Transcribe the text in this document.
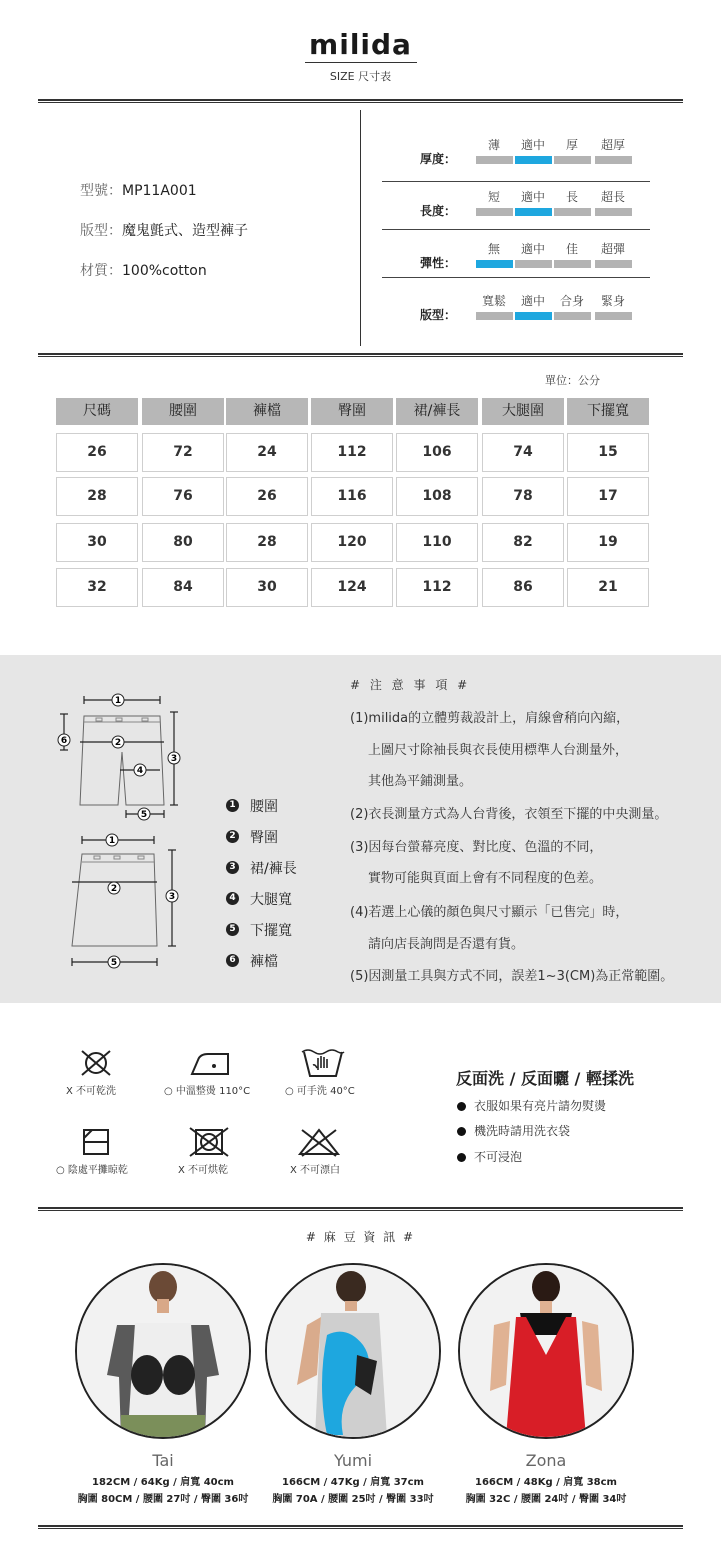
milida
SIZE 尺寸表
型號：MP11A001
版型：魔鬼氈式、造型褲子
材質：100%cotton
厚度：
薄	適中	厚	超厚
長度：
短	適中	長	超長
彈性：
無	適中	佳	超彈
版型：
寬鬆	適中	合身	緊身
單位：公分
尺碼	腰圍	褲檔	臀圍	裙/褲長	大腿圍	下擺寬
26	72	24	112	106	74	15
28	76	26	116	108	78	17
30	80	28	120	110	82	19
32	84	30	124	112	86	21
1
2
3
4
5
6
1
2
3
5
1 腰圍
2 臀圍
3 裙/褲長
4 大腿寬
5 下擺寬
6 褲檔
# 注 意 事 項 #
(1)milida的立體剪裁設計上，肩線會稍向內縮，
上圖尺寸除袖長與衣長使用標準人台測量外，
其他為平鋪測量。
(2)衣長測量方式為人台背後，衣領至下擺的中央測量。
(3)因每台螢幕亮度、對比度、色溫的不同，
實物可能與頁面上會有不同程度的色差。
(4)若選上心儀的顏色與尺寸顯示「已售完」時，
請向店長詢問是否還有貨。
(5)因測量工具與方式不同，誤差1~3(CM)為正常範圍。
X 不可乾洗	○ 中溫整燙 110°C	○ 可手洗 40°C
○ 陰處平攤晾乾	X 不可烘乾	X 不可漂白
反面洗 / 反面曬 / 輕揉洗
衣服如果有亮片請勿熨燙
機洗時請用洗衣袋
不可浸泡
# 麻 豆 資 訊 #
Tai
182CM / 64Kg / 肩寬 40cm
胸圍 80CM / 腰圍 27吋 / 臀圍 36吋
Yumi
166CM / 47Kg / 肩寬 37cm
胸圍 70A / 腰圍 25吋 / 臀圍 33吋
Zona
166CM / 48Kg / 肩寬 38cm
胸圍 32C / 腰圍 24吋 / 臀圍 34吋
